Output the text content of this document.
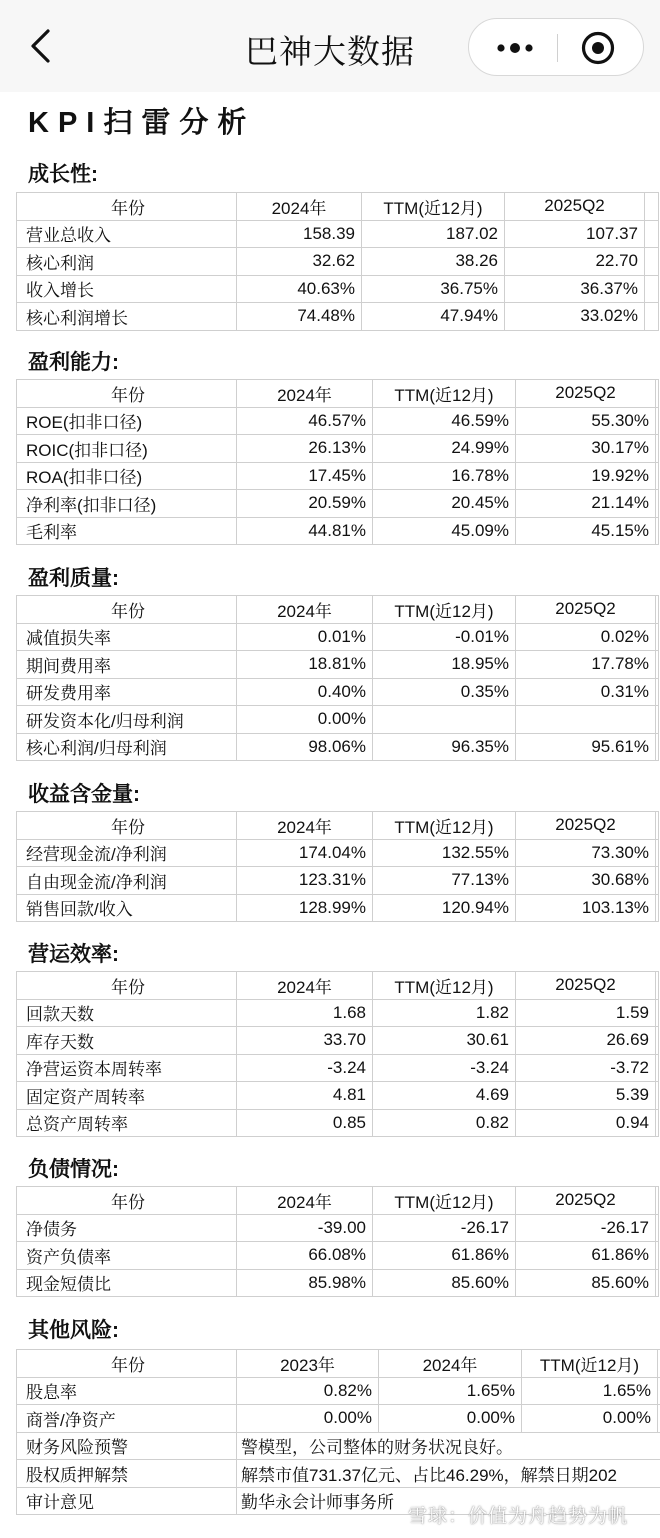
巴神大数据
KPI扫雷分析
成长性:
年份	2024年	TTM(近12月)	2025Q2	
营业总收入	158.39	187.02	107.37	
核心利润	32.62	38.26	22.70	
收入增长	40.63%	36.75%	36.37%	
核心利润增长	74.48%	47.94%	33.02%	
盈利能力:
年份	2024年	TTM(近12月)	2025Q2	
ROE(扣非口径)	46.57%	46.59%	55.30%	
ROIC(扣非口径)	26.13%	24.99%	30.17%	
ROA(扣非口径)	17.45%	16.78%	19.92%	
净利率(扣非口径)	20.59%	20.45%	21.14%	
毛利率	44.81%	45.09%	45.15%	
盈利质量:
年份	2024年	TTM(近12月)	2025Q2	
减值损失率	0.01%	-0.01%	0.02%	
期间费用率	18.81%	18.95%	17.78%	
研发费用率	0.40%	0.35%	0.31%	
研发资本化/归母利润	0.00%			
核心利润/归母利润	98.06%	96.35%	95.61%	
收益含金量:
年份	2024年	TTM(近12月)	2025Q2	
经营现金流/净利润	174.04%	132.55%	73.30%	
自由现金流/净利润	123.31%	77.13%	30.68%	
销售回款/收入	128.99%	120.94%	103.13%	
营运效率:
年份	2024年	TTM(近12月)	2025Q2	
回款天数	1.68	1.82	1.59	
库存天数	33.70	30.61	26.69	
净营运资本周转率	-3.24	-3.24	-3.72	
固定资产周转率	4.81	4.69	5.39	
总资产周转率	0.85	0.82	0.94	
负债情况:
年份	2024年	TTM(近12月)	2025Q2	
净债务	-39.00	-26.17	-26.17	
资产负债率	66.08%	61.86%	61.86%	
现金短债比	85.98%	85.60%	85.60%	
其他风险:
年份	2023年	2024年	TTM(近12月)	
股息率	0.82%	1.65%	1.65%	
商誉/净资产	0.00%	0.00%	0.00%	
财务风险预警	警模型，公司整体的财务状况良好。			
股权质押解禁	解禁市值731.37亿元、占比46.29%，解禁日期202			
审计意见	勤华永会计师事务所			
雪球：价值为舟趋势为帆
